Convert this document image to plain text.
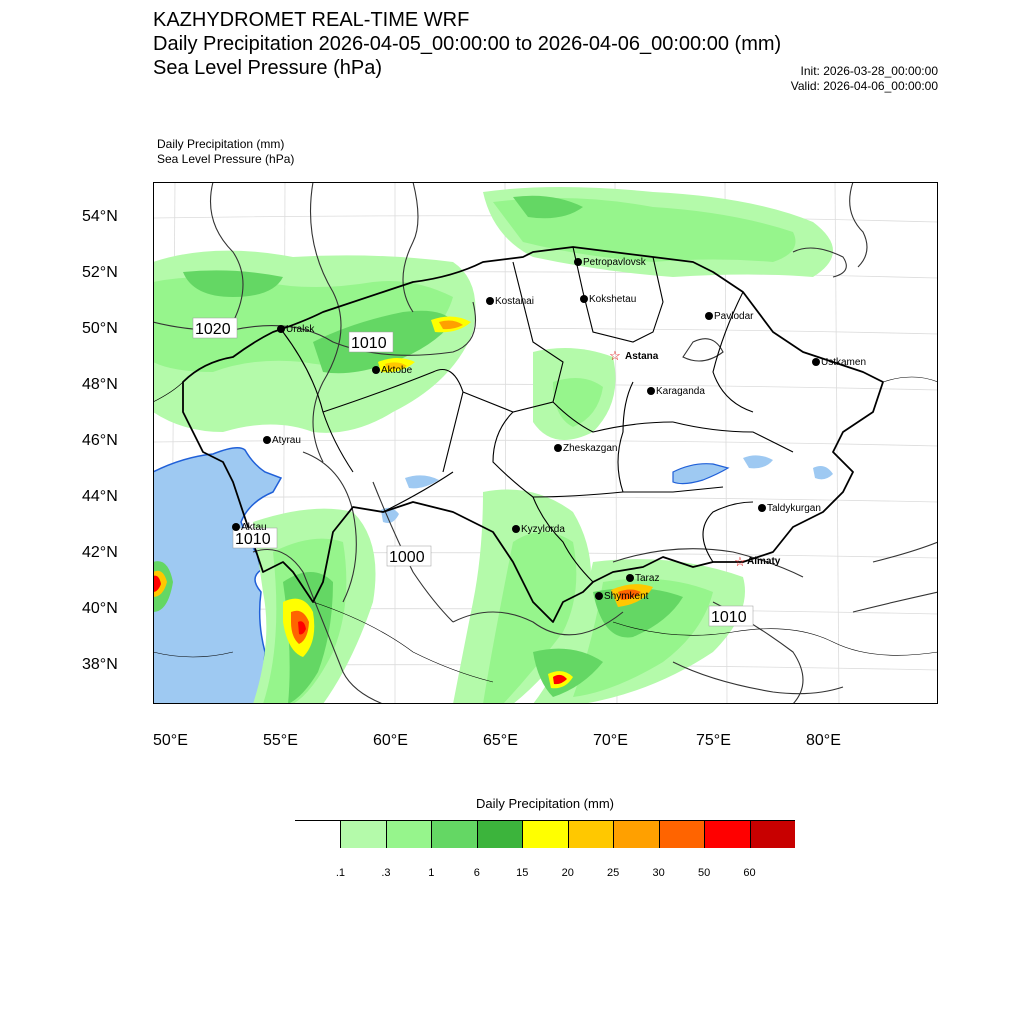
KAZHYDROMET REAL-TIME WRF
Daily Precipitation 2026-04-05_00:00:00 to 2026-04-06_00:00:00 (mm)
Sea Level Pressure (hPa)	Init: 2026-03-28_00:00:00
Valid: 2026-04-06_00:00:00
Daily Precipitation (mm)
Sea Level Pressure (hPa)
1020
1010
1010
1000
1010
Petropavlovsk
Kostanai	Kokshetau
Pavlodar
Uralsk
☆ Astana
Ustkamen
Aktobe
Karaganda
Atyrau
Zheskazgan
Taldykurgan
Aktau	Kyzylorda
☆ Almaty
Taraz
Shymkent
54°N
52°N
50°N
48°N
46°N
44°N
42°N
40°N
38°N
50°E	55°E	60°E	65°E	70°E	75°E	80°E
Daily Precipitation (mm)
.1	.3	1	6	15	20	25	30	50	60
